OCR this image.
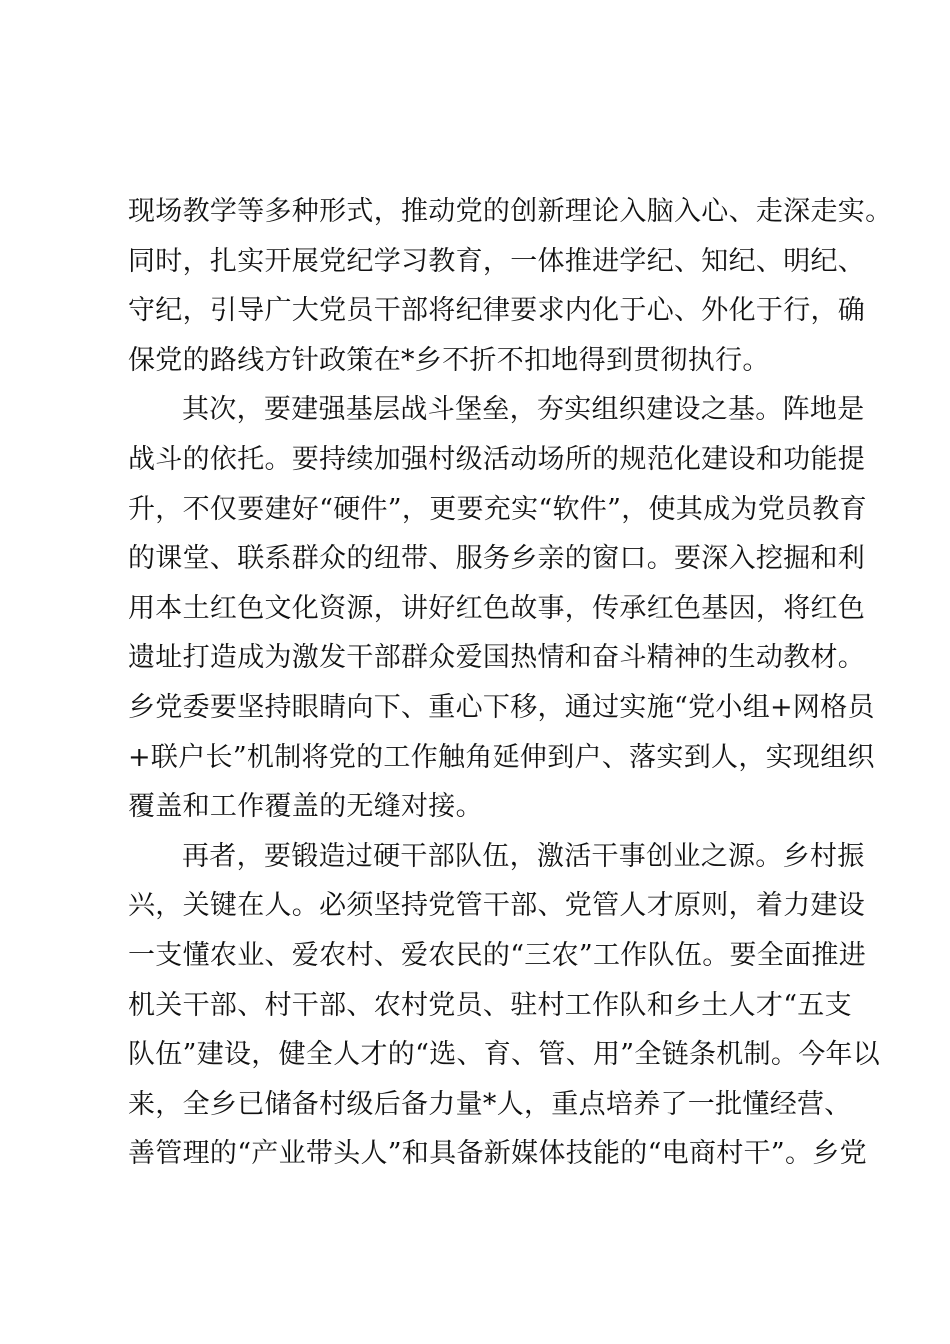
现场教学等多种形式，推动党的创新理论入脑入心、走深走实。
同时，扎实开展党纪学习教育，一体推进学纪、知纪、明纪、
守纪，引导广大党员干部将纪律要求内化于心、外化于行，确
保党的路线方针政策在*乡不折不扣地得到贯彻执行。
其次，要建强基层战斗堡垒，夯实组织建设之基。阵地是
战斗的依托。要持续加强村级活动场所的规范化建设和功能提
升，不仅要建好“硬件”，更要充实“软件”，使其成为党员教育
的课堂、联系群众的纽带、服务乡亲的窗口。要深入挖掘和利
用本土红色文化资源，讲好红色故事，传承红色基因，将红色
遗址打造成为激发干部群众爱国热情和奋斗精神的生动教材。
乡党委要坚持眼睛向下、重心下移，通过实施“党小组+网格员
+联户长”机制将党的工作触角延伸到户、落实到人，实现组织
覆盖和工作覆盖的无缝对接。
再者，要锻造过硬干部队伍，激活干事创业之源。乡村振
兴，关键在人。必须坚持党管干部、党管人才原则，着力建设
一支懂农业、爱农村、爱农民的“三农”工作队伍。要全面推进
机关干部、村干部、农村党员、驻村工作队和乡土人才“五支
队伍”建设，健全人才的“选、育、管、用”全链条机制。今年以
来，全乡已储备村级后备力量*人，重点培养了一批懂经营、
善管理的“产业带头人”和具备新媒体技能的“电商村干”。乡党
